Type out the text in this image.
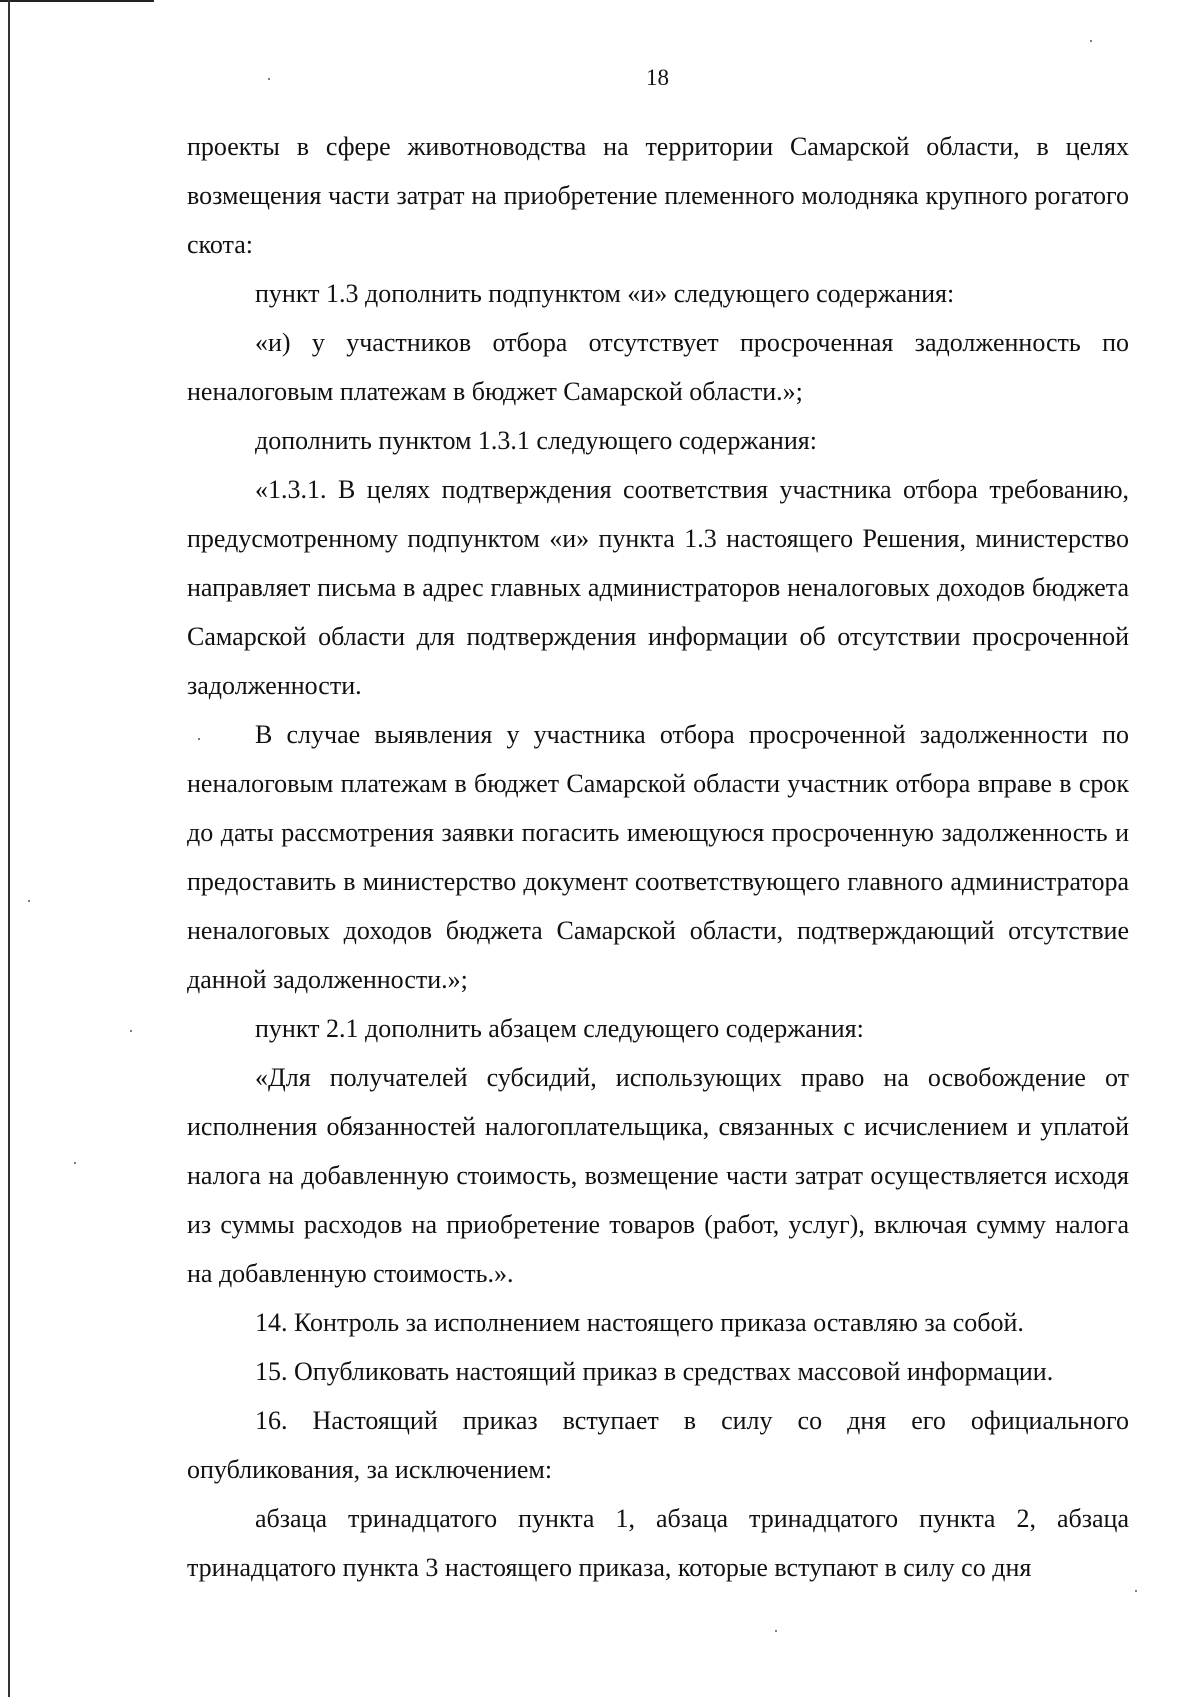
18

проекты в сфере животноводства на территории Самарской области, в целях возмещения части затрат на приобретение племенного молодняка крупного рогатого скота:

пункт 1.3 дополнить подпунктом «и» следующего содержания:

«и) у участников отбора отсутствует просроченная задолженность по неналоговым платежам в бюджет Самарской области.»;

дополнить пунктом 1.3.1 следующего содержания:

«1.3.1. В целях подтверждения соответствия участника отбора требованию, предусмотренному подпунктом «и» пункта 1.3 настоящего Решения, министерство направляет письма в адрес главных администраторов неналоговых доходов бюджета Самарской области для подтверждения информации об отсутствии просроченной задолженности.

В случае выявления у участника отбора просроченной задолженности по неналоговым платежам в бюджет Самарской области участник отбора вправе в срок до даты рассмотрения заявки погасить имеющуюся просроченную задолженность и предоставить в министерство документ соответствующего главного администратора неналоговых доходов бюджета Самарской области, подтверждающий отсутствие данной задолженности.»;

пункт 2.1 дополнить абзацем следующего содержания:

«Для получателей субсидий, использующих право на освобождение от исполнения обязанностей налогоплательщика, связанных с исчислением и уплатой налога на добавленную стоимость, возмещение части затрат осуществляется исходя из суммы расходов на приобретение товаров (работ, услуг), включая сумму налога на добавленную стоимость.».

14. Контроль за исполнением настоящего приказа оставляю за собой.

15. Опубликовать настоящий приказ в средствах массовой информации.

16. Настоящий приказ вступает в силу со дня его официального опубликования, за исключением:

абзаца тринадцатого пункта 1, абзаца тринадцатого пункта 2, абзаца тринадцатого пункта 3 настоящего приказа, которые вступают в силу со дня
